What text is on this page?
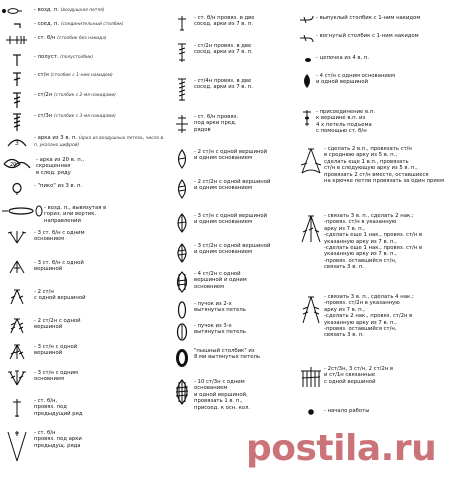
- возд. п. (воздушная петля)
- соед. п. (соединительный столбик)
- ст. б/н (столбик без накида)
- полуст. (полустолбик)
- ст/н (столбик с 1-ним накидом)
- ст/2н (столбик с 2-мя накидами)
- ст/3н (столбик с 3-мя накидами)
3
- арка из 3 в. п. (арка из воздушных петель, число в. п. указано цифрой)
20
- арка из 20 в. п.,
скрещенная
в след. ряду
- "пико" из 3 в. п.
- возд. п., вывязутая в
гориз. или вертик.
направлении
- 3 ст. б/н с одним
основнием
- 3 ст. б/н с одной
вершиной
- 2 ст/н
с одной вершиной
- 2 ст/2н с одной
вершиной
- 3 ст/н с одной
вершиной
- 3 ст/н с одним
основнием
- ст. б/н,
провяз. под
предыдущий ряд
- ст. б/н
провяз. под арки
предыдущ. ряда
- ст. б/н провяз. в две
сосед. арки из 7 в. п.
- ст/2н провяз. в две
сосед. арки из 7 в. п.
- ст/4н провяз. в две
сосед. арки из 7 в. п.
- ст. б/н провяз.
под арки пред.
рядов
- 2 ст/н с одной вершиной
и одним основанием
- 2 ст/2н с одной вершиной
и одним основанием
- 3 ст/н с одной вершиной
и одним основанием
- 3 ст/2н с одной вершиной
и одним основанием
- 4 ст/2н с одной
вершиной и одним
основнием
- пучок из 2-х
вытянутых петель
- пучок из 3-х
вытянутых петель
"пышный столбик" из
8 ми вытянутых петель
- 10 ст/3н с одним
основанием
и одной вершиной,
провязать 1 в. п.,
присоед. к осн. кол.
- выпуклый столбик с 1-ним накидом
- вогнутый столбик с 1-ним накидом
- цепочка из 4 в. п.
- 4 ст/н с одним основанием
и одной вершиной
- присоединение в.п.
к вершине в.п. из
4 х петель подъема
с помощью ст. б/н
- сделать 2 в.п., провязать ст/н
в среднюю арку из 5 в. п.,
сделать еще 1 в.п., провязать
ст/н в следующую арку из 5 в. п.,
провязать 2 ст/н вместе, оставшиеся
на крючке петли провязать за один прием
- связать 3 в. п., сделать 2 нак.;
-провяз. ст/н в указанную
арку из 7 в. п.,
-сделать еще 1 нак., провяз. ст/н в
указанную арку из 7 в. п.,
-сделать еще 1 нак., провяз. ст/н в
указанную арку из 7 в. п.,
-провяз. оставшийся ст/н,
связать 3 в. п.
- связать 3 в. п., сделать 4 нак.;
-провяз. ст/2н в указанную
арку из 7 в. п.,
-сделать 2 нак., провяз. ст/2н в
указанную арку из 7 в. п.,
-провяз. оставшийся ст/н,
связать 3 в. п.
- 2ст/3н, 3 ст/н, 2 ст/2н в
и ст/1н связанные
с одной вершиной
- начало работы
postila.ru
